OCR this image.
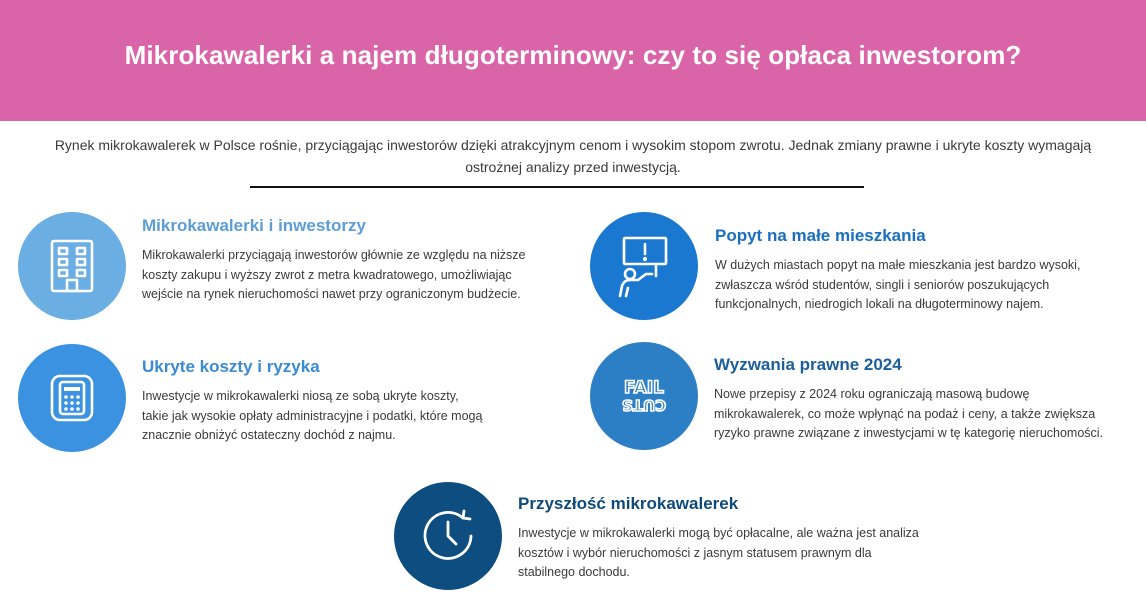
Mikrokawalerki a najem długoterminowy: czy to się opłaca inwestorom?
Rynek mikrokawalerek w Polsce rośnie, przyciągając inwestorów dzięki atrakcyjnym cenom i wysokim stopom zwrotu. Jednak zmiany prawne i ukryte koszty wymagają
ostrożnej analizy przed inwestycją.
Mikrokawalerki i inwestorzy

Mikrokawalerki przyciągają inwestorów głównie ze względu na niższe
koszty zakupu i wyższy zwrot z metra kwadratowego, umożliwiając
wejście na rynek nieruchomości nawet przy ograniczonym budżecie.

Popyt na małe mieszkania

W dużych miastach popyt na małe mieszkania jest bardzo wysoki,
zwłaszcza wśród studentów, singli i seniorów poszukujących
funkcjonalnych, niedrogich lokali na długoterminowy najem.

Ukryte koszty i ryzyka

Inwestycje w mikrokawalerki niosą ze sobą ukryte koszty,
takie jak wysokie opłaty administracyjne i podatki, które mogą
znacznie obniżyć ostateczny dochód z najmu.

FAIL
CUTS
Wyzwania prawne 2024

Nowe przepisy z 2024 roku ograniczają masową budowę
mikrokawalerek, co może wpłynąć na podaż i ceny, a także zwiększa
ryzyko prawne związane z inwestycjami w tę kategorię nieruchomości.

Przyszłość mikrokawalerek

Inwestycje w mikrokawalerki mogą być opłacalne, ale ważna jest analiza
kosztów i wybór nieruchomości z jasnym statusem prawnym dla
stabilnego dochodu.
